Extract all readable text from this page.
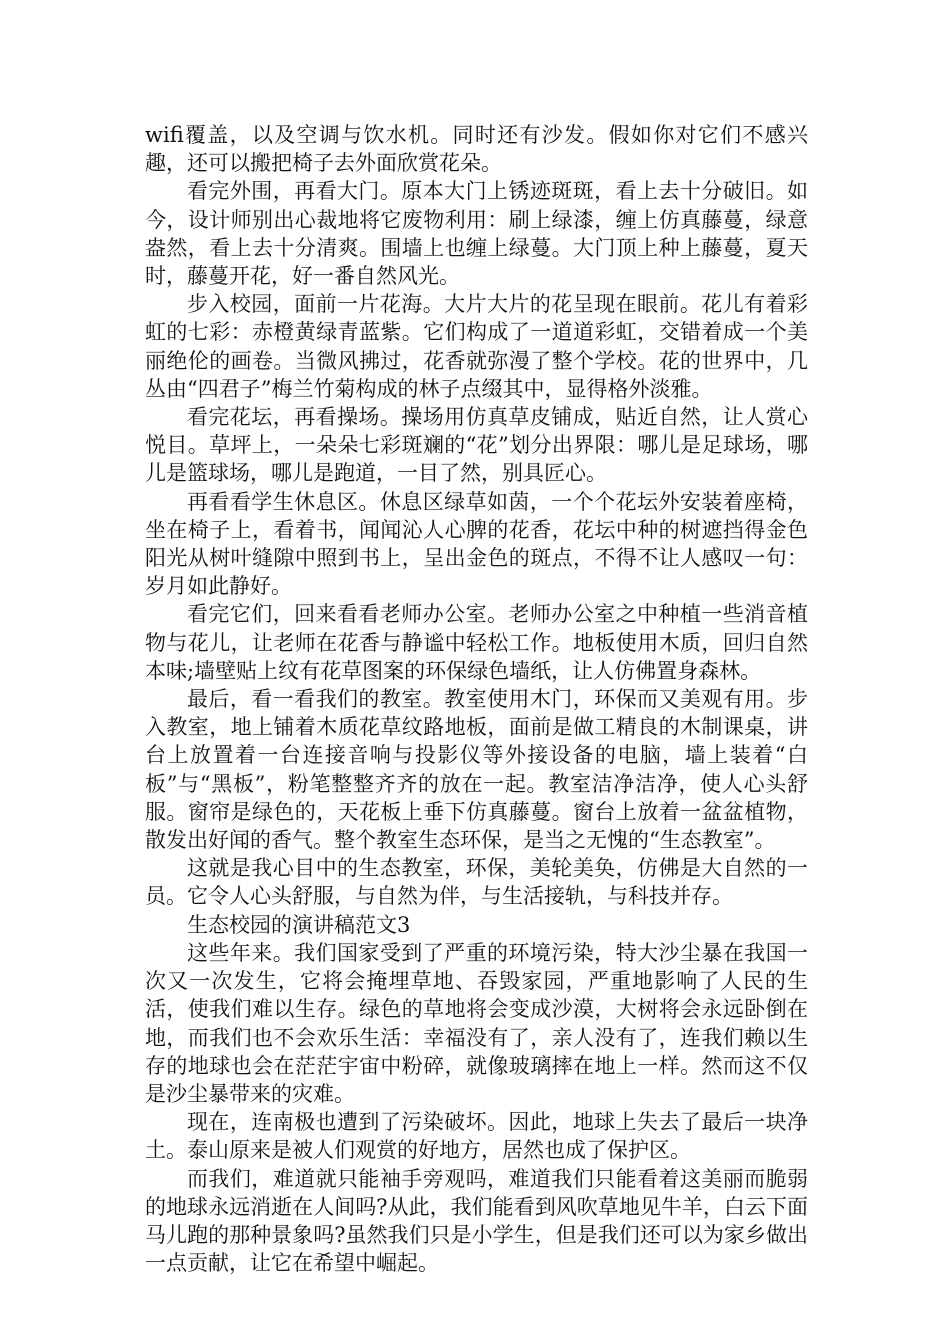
wifi覆盖，以及空调与饮水机。同时还有沙发。假如你对它们不感兴趣，还可以搬把椅子去外面欣赏花朵。

看完外围，再看大门。原本大门上锈迹斑斑，看上去十分破旧。如今，设计师别出心裁地将它废物利用：刷上绿漆，缠上仿真藤蔓，绿意盎然，看上去十分清爽。围墙上也缠上绿蔓。大门顶上种上藤蔓，夏天时，藤蔓开花，好一番自然风光。

步入校园，面前一片花海。大片大片的花呈现在眼前。花儿有着彩虹的七彩：赤橙黄绿青蓝紫。它们构成了一道道彩虹，交错着成一个美丽绝伦的画卷。当微风拂过，花香就弥漫了整个学校。花的世界中，几丛由“四君子”梅兰竹菊构成的林子点缀其中，显得格外淡雅。

看完花坛，再看操场。操场用仿真草皮铺成，贴近自然，让人赏心悦目。草坪上，一朵朵七彩斑斓的“花”划分出界限：哪儿是足球场，哪儿是篮球场，哪儿是跑道，一目了然，别具匠心。

再看看学生休息区。休息区绿草如茵，一个个花坛外安装着座椅，坐在椅子上，看着书，闻闻沁人心脾的花香，花坛中种的树遮挡得金色阳光从树叶缝隙中照到书上，呈出金色的斑点，不得不让人感叹一句：岁月如此静好。

看完它们，回来看看老师办公室。老师办公室之中种植一些消音植物与花儿，让老师在花香与静谧中轻松工作。地板使用木质，回归自然本味;墙壁贴上纹有花草图案的环保绿色墙纸，让人仿佛置身森林。

最后，看一看我们的教室。教室使用木门，环保而又美观有用。步入教室，地上铺着木质花草纹路地板，面前是做工精良的木制课桌，讲台上放置着一台连接音响与投影仪等外接设备的电脑，墙上装着“白板”与“黑板”，粉笔整整齐齐的放在一起。教室洁净洁净，使人心头舒服。窗帘是绿色的，天花板上垂下仿真藤蔓。窗台上放着一盆盆植物，散发出好闻的香气。整个教室生态环保，是当之无愧的“生态教室”。

这就是我心目中的生态教室，环保，美轮美奂，仿佛是大自然的一员。它令人心头舒服，与自然为伴，与生活接轨，与科技并存。

生态校园的演讲稿范文3

这些年来。我们国家受到了严重的环境污染，特大沙尘暴在我国一次又一次发生，它将会掩埋草地、吞毁家园，严重地影响了人民的生活，使我们难以生存。绿色的草地将会变成沙漠，大树将会永远卧倒在地，而我们也不会欢乐生活：幸福没有了，亲人没有了，连我们赖以生存的地球也会在茫茫宇宙中粉碎，就像玻璃摔在地上一样。然而这不仅是沙尘暴带来的灾难。

现在，连南极也遭到了污染破坏。因此，地球上失去了最后一块净土。泰山原来是被人们观赏的好地方，居然也成了保护区。

而我们，难道就只能袖手旁观吗，难道我们只能看着这美丽而脆弱的地球永远消逝在人间吗?从此，我们能看到风吹草地见牛羊，白云下面马儿跑的那种景象吗?虽然我们只是小学生，但是我们还可以为家乡做出一点贡献，让它在希望中崛起。
